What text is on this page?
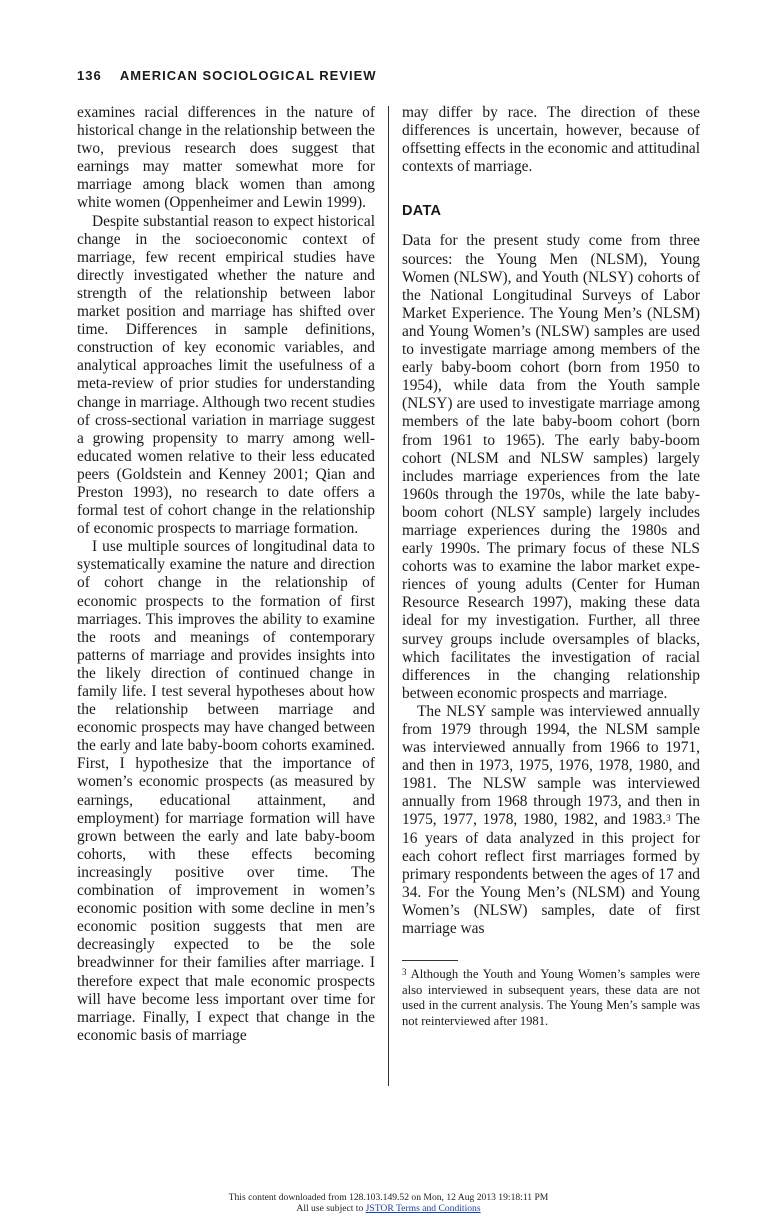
136 AMERICAN SOCIOLOGICAL REVIEW

examines racial differences in the nature of historical change in the relationship between the two, previous research does suggest that earnings may matter somewhat more for marriage among black women than among white women (Oppenheimer and Lewin 1999).

Despite substantial reason to expect historical change in the socioeconomic context of marriage, few recent empirical studies have directly investigated whether the nature and strength of the relationship between labor market position and marriage has shifted over time. Differences in sample definitions, construction of key economic variables, and analytical approaches limit the usefulness of a meta-review of prior studies for understanding change in marriage. Although two recent studies of cross-sectional variation in marriage suggest a growing propensity to marry among well-educated women relative to their less educated peers (Goldstein and Kenney 2001; Qian and Preston 1993), no research to date offers a formal test of cohort change in the relationship of economic prospects to marriage formation.

I use multiple sources of longitudinal data to systematically examine the nature and direction of cohort change in the relationship of economic prospects to the formation of first marriages. This improves the ability to examine the roots and meanings of contemporary patterns of marriage and provides insights into the likely direction of continued change in family life. I test several hypotheses about how the relationship between marriage and economic prospects may have changed between the early and late baby-boom cohorts examined. First, I hypothesize that the importance of women’s economic prospects (as measured by earnings, educational attainment, and employment) for marriage formation will have grown between the early and late baby-boom cohorts, with these effects becoming increasingly positive over time. The combination of improvement in women’s economic position with some decline in men’s economic position suggests that men are decreasingly expected to be the sole breadwinner for their families after marriage. I therefore expect that male economic prospects will have become less important over time for marriage. Finally, I expect that change in the economic basis of marriage

may differ by race. The direction of these differences is uncertain, however, because of offsetting effects in the economic and attitudinal contexts of marriage.

DATA

Data for the present study come from three sources: the Young Men (NLSM), Young Women (NLSW), and Youth (NLSY) cohorts of the National Longitudinal Surveys of Labor Market Experience. The Young Men’s (NLSM) and Young Women’s (NLSW) samples are used to investigate marriage among members of the early baby-boom cohort (born from 1950 to 1954), while data from the Youth sample (NLSY) are used to investigate marriage among members of the late baby-boom cohort (born from 1961 to 1965). The early baby-boom cohort (NLSM and NLSW samples) largely includes marriage experiences from the late 1960s through the 1970s, while the late baby-boom cohort (NLSY sample) largely includes marriage experiences during the 1980s and early 1990s. The primary focus of these NLS cohorts was to examine the labor market experiences of young adults (Center for Human Resource Research 1997), making these data ideal for my investigation. Further, all three survey groups include oversamples of blacks, which facilitates the investigation of racial differences in the changing relationship between economic prospects and marriage.

The NLSY sample was interviewed annually from 1979 through 1994, the NLSM sample was interviewed annually from 1966 to 1971, and then in 1973, 1975, 1976, 1978, 1980, and 1981. The NLSW sample was interviewed annually from 1968 through 1973, and then in 1975, 1977, 1978, 1980, 1982, and 1983.$^3$ The 16 years of data analyzed in this project for each cohort reflect first marriages formed by primary respondents between the ages of 17 and 34. For the Young Men’s (NLSM) and Young Women’s (NLSW) samples, date of first marriage was

$^3$ Although the Youth and Young Women’s samples were also interviewed in subsequent years, these data are not used in the current analysis. The Young Men’s sample was not reinterviewed after 1981.
This content downloaded from 128.103.149.52 on Mon, 12 Aug 2013 19:18:11 PM
All use subject to JSTOR Terms and Conditions
